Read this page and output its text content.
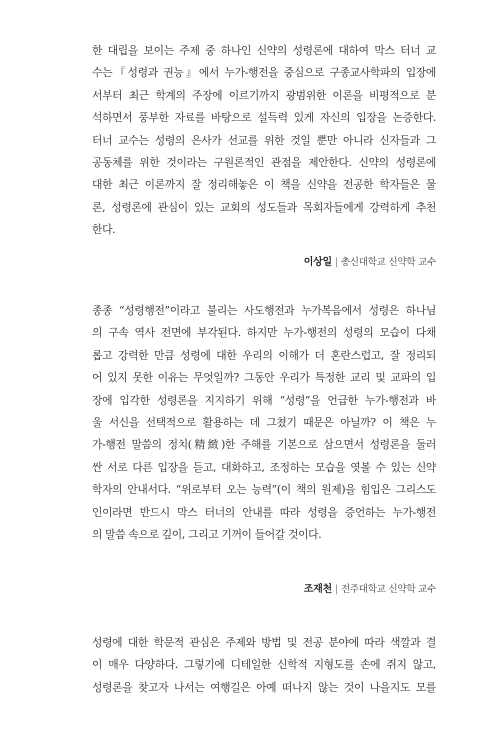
한 대립을 보이는 주제 중 하나인 신약의 성령론에 대하여 막스 터너 교
수는『성령과 권능』에서 누가-행전을 중심으로 구종교사학파의 입장에
서부터 최근 학계의 주장에 이르기까지 광범위한 이론을 비평적으로 분
석하면서 풍부한 자료를 바탕으로 설득력 있게 자신의 입장을 논증한다.
터너 교수는 성령의 은사가 선교를 위한 것일 뿐만 아니라 신자들과 그
공동체를 위한 것이라는 구원론적인 관점을 제안한다. 신약의 성령론에
대한 최근 이론까지 잘 정리해놓은 이 책을 신약을 전공한 학자들은 물
론, 성령론에 관심이 있는 교회의 성도들과 목회자들에게 강력하게 추천
한다.

이상일 | 총신대학교 신약학 교수

종종 “성령행전”이라고 불리는 사도행전과 누가복음에서 성령은 하나님
의 구속 역사 전면에 부각된다. 하지만 누가-행전의 성령의 모습이 다채
롭고 강력한 만큼 성령에 대한 우리의 이해가 더 혼란스럽고, 잘 정리되
어 있지 못한 이유는 무엇일까? 그동안 우리가 특정한 교리 및 교파의 입
장에 입각한 성령론을 지지하기 위해 “성령”을 언급한 누가-행전과 바
울 서신을 선택적으로 활용하는 데 그쳤기 때문은 아닐까? 이 책은 누
가-행전 말씀의 정치(精緻)한 주해를 기본으로 삼으면서 성령론을 둘러
싼 서로 다른 입장을 듣고, 대화하고, 조정하는 모습을 엿볼 수 있는 신약
학자의 안내서다. “위로부터 오는 능력”(이 책의 원제)을 힘입은 그리스도
인이라면 반드시 막스 터너의 안내를 따라 성령을 증언하는 누가-행전
의 말씀 속으로 깊이, 그리고 기꺼이 들어갈 것이다.

조재천 | 전주대학교 신약학 교수

성령에 대한 학문적 관심은 주제와 방법 및 전공 분야에 따라 색깔과 결
이 매우 다양하다. 그렇기에 디테일한 신학적 지형도를 손에 쥐지 않고,
성령론을 찾고자 나서는 여행길은 아예 떠나지 않는 것이 나을지도 모를
